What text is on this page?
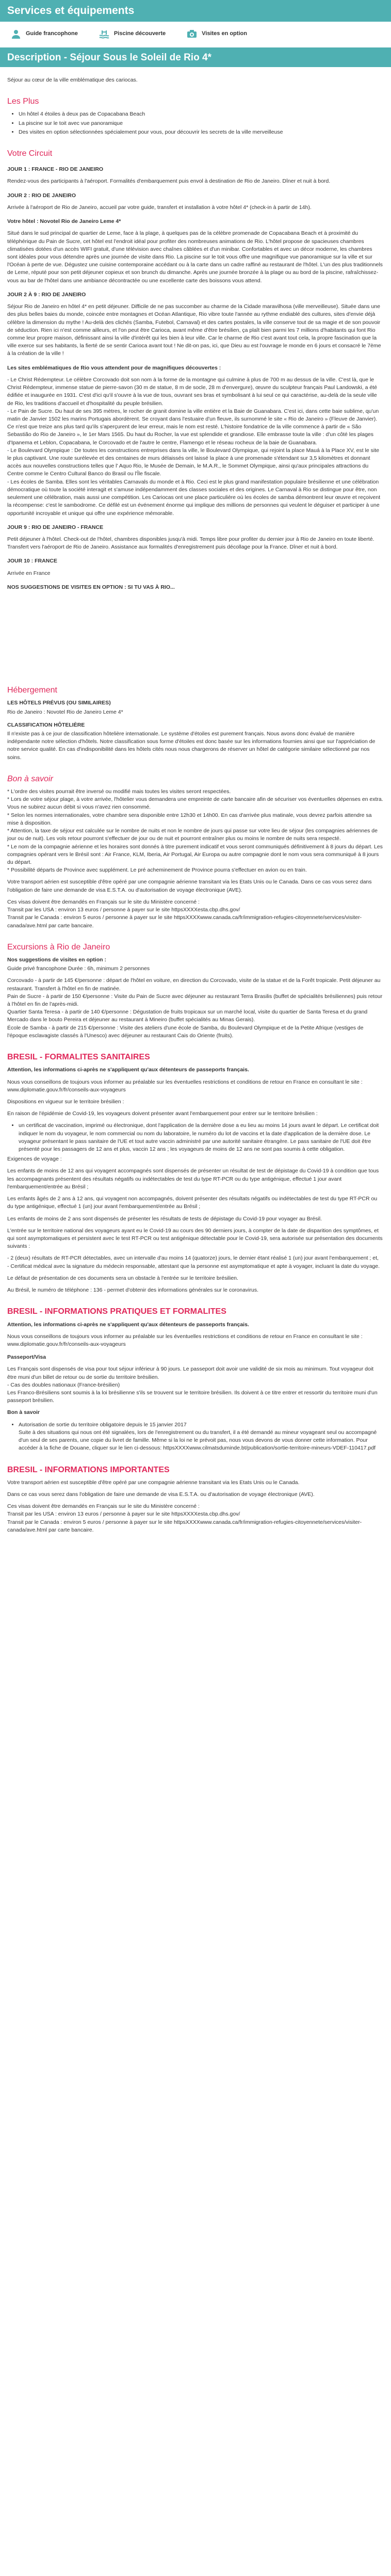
Services et équipements
Guide francophone	Piscine découverte	Visites en option
Description - Séjour Sous le Soleil de Rio 4*

Séjour au cœur de la ville emblématique des cariocas.

Les Plus
• Un hôtel 4 étoiles à deux pas de Copacabana Beach
• La piscine sur le toit avec vue panoramique
• Des visites en option sélectionnées spécialement pour vous, pour découvrir les secrets de la ville merveilleuse
Votre Circuit

JOUR 1 : FRANCE - RIO DE JANEIRO

Rendez-vous des participants à l'aéroport. Formalités d'embarquement puis envol à destination de Rio de Janeiro. Dîner et nuit à bord.

JOUR 2 : RIO DE JANEIRO

Arrivée à l'aéroport de Rio de Janeiro, accueil par votre guide, transfert et installation à votre hôtel 4* (check-in à partir de 14h).

Votre hôtel : Novotel Rio de Janeiro Leme 4*

Situé dans le sud principal de quartier de Leme, face à la plage, à quelques pas de la célèbre promenade de Copacabana Beach et à proximité du téléphérique du Pain de Sucre, cet hôtel est l'endroit idéal pour profiter des nombreuses animations de Rio. L'hôtel propose de spacieuses chambres climatisées dotées d'un accès WIFI gratuit, d'une télévision avec chaînes câblées et d'un minibar. Confortables et avec un décor moderne, les chambres sont idéales pour vous détendre après une journée de visite dans Rio. La piscine sur le toit vous offre une magnifique vue panoramique sur la ville et sur l'Océan à perte de vue. Dégustez une cuisine contemporaine accédant ou à la carte dans un cadre raffiné au restaurant de l'hôtel. L'un des plus traditionnels de Leme, réputé pour son petit déjeuner copieux et son brunch du dimanche. Après une journée bronzée à la plage ou au bord de la piscine, rafraîchissez-vous au bar de l'hôtel dans une ambiance décontractée ou une excellente carte des boissons vous attend.

JOUR 2 À 9 : RIO DE JANEIRO

Séjour Rio de Janeiro en hôtel 4* en petit déjeuner. Difficile de ne pas succomber au charme de la Cidade maravilhosa (ville merveilleuse). Située dans une des plus belles baies du monde, coincée entre montagnes et Océan Atlantique, Rio vibre toute l'année au rythme endiablé des cultures, sites d'envie déjà célèbre la dimension du mythe ! Au-delà des clichés (Samba, Futebol, Carnaval) et des cartes postales, la ville conserve tout de sa magie et de son pouvoir de séduction. Rien ici n'est comme ailleurs, et l'on peut être Carioca, avant même d'être brésilien, ça plaît bien parmi les 7 millions d'habitants qui font Rio comme leur propre maison, définissant ainsi la ville d'intérêt qui les bien à leur ville. Car le charme de Rio c'est avant tout cela, la propre fascination que la ville exerce sur ses habitants, la fierté de se sentir Carioca avant tout ! Ne dit-on pas, ici, que Dieu au est l'ouvrage le monde en 6 jours et consacré le 7ème à la création de la ville !

Les sites emblématiques de Rio vous attendent pour de magnifiques découvertes :

- Le Christ Rédempteur. Le célèbre Corcovado doit son nom à la forme de la montagne qui culmine à plus de 700 m au dessus de la ville. C'est là, que le Christ Rédempteur, immense statue de pierre-savon (30 m de statue, 8 m de socle, 28 m d'envergure), œuvre du sculpteur français Paul Landowski, a été édifiée et inaugurée en 1931. C'est d'ici qu'il s'ouvre à la vue de tous, ouvrant ses bras et symbolisant à lui seul ce qui caractérise, au-delà de la seule ville de Rio, les traditions d'accueil et d'hospitalité du peuple brésilien.
- Le Pain de Sucre. Du haut de ses 395 mètres, le rocher de granit domine la ville entière et la Baie de Guanabara. C'est ici, dans cette baie sublime, qu'un matin de Janvier 1502 les marins Portugais abordèrent. Se croyant dans l'estuaire d'un fleuve, ils surnommé le site « Rio de Janeiro » (Fleuve de Janvier). Ce n'est que treize ans plus tard qu'ils s'aperçurent de leur erreur, mais le nom est resté. L'histoire fondatrice de la ville commence à partir de « São Sebastião do Rio de Janeiro », le 1er Mars 1565. Du haut du Rocher, la vue est splendide et grandiose. Elle embrasse toute la ville : d'un côté les plages d'Ipanema et Leblon, Copacabana, le Corcovado et de l'autre le centre, Flamengo et le réseau rocheux de la baie de Guanabara.
- Le Boulevard Olympique : De toutes les constructions entreprises dans la ville, le Boulevard Olympique, qui rejoint la place Mauá à la Place XV, est le site le plus captivant. Une route surélevée et des centaines de murs délaissés ont laissé la place à une promenade s'étendant sur 3,5 kilomètres et donnant accès aux nouvelles constructions telles que l' Aquo Rio, le Musée de Demain, le M.A.R., le Sommet Olympique, ainsi qu'aux principales attractions du Centre comme le Centro Cultural Banco do Brasil ou l'Île fiscale.
- Les écoles de Samba. Elles sont les véritables Carnavals du monde et à Rio. Ceci est le plus grand manifestation populaire brésilienne et une célébration démocratique où toute la société interagit et s'amuse indépendamment des classes sociales et des origines. Le Carnaval à Rio se distingue pour être, non seulement une célébration, mais aussi une compétition. Les Cariocas ont une place particulière où les écoles de samba démontrent leur œuvre et reçoivent la récompense: c'est le sambodrome. Ce défilé est un événement énorme qui implique des millions de personnes qui veulent le déguiser et participer à une opportunité incroyable et unique qui offre une expérience mémorable.

JOUR 9 : RIO DE JANEIRO - FRANCE

Petit déjeuner à l'hôtel. Check-out de l'hôtel, chambres disponibles jusqu'à midi. Temps libre pour profiter du dernier jour à Rio de Janeiro en toute liberté. Transfert vers l'aéroport de Rio de Janeiro. Assistance aux formalités d'enregistrement puis décollage pour la France. Dîner et nuit à bord.

JOUR 10 : FRANCE

Arrivée en France

NOS SUGGESTIONS DE VISITES EN OPTION : SI TU VAS À RIO...

Hébergement

LES HÔTELS PRÉVUS (OU SIMILAIRES)

Rio de Janeiro : Novotel Rio de Janeiro Leme 4*

CLASSIFICATION HÔTELIÈRE

Il n'existe pas à ce jour de classification hôtelière internationale. Le système d'étoiles est purement français. Nous avons donc évalué de manière indépendante notre sélection d'hôtels. Notre classification sous forme d'étoiles est donc basée sur les informations fournies ainsi que sur l'appréciation de notre service qualité. En cas d'indisponibilité dans les hôtels cités nous nous chargerons de réserver un hôtel de catégorie similaire sélectionné par nos soins.

Bon à savoir

* L'ordre des visites pourrait être inversé ou modifié mais toutes les visites seront respectées.
* Lors de votre séjour plage, à votre arrivée, l'hôtelier vous demandera une empreinte de carte bancaire afin de sécuriser vos éventuelles dépenses en extra. Vous ne subirez aucun débit si vous n'avez rien consommé.
* Selon les normes internationales, votre chambre sera disponible entre 12h30 et 14h00. En cas d'arrivée plus matinale, vous devrez parfois attendre sa mise à disposition.
* Attention, la taxe de séjour est calculée sur le nombre de nuits et non le nombre de jours qui passe sur votre lieu de séjour (les compagnies aériennes de jour ou de nuit). Les vols retour pourront s'effectuer de jour ou de nuit et pourront entraîner plus ou moins le nombre de nuits sera respecté.
* Le nom de la compagnie aérienne et les horaires sont donnés à titre purement indicatif et vous seront communiqués définitivement à 8 jours du départ. Les compagnies opérant vers le Brésil sont : Air France, KLM, Iberia, Air Portugal, Air Europa ou autre compagnie dont le nom vous sera communiqué à 8 jours du départ.
* Possibilité départs de Province avec supplément. Le pré acheminement de Province pourra s'effectuer en avion ou en train.

Votre transport aérien est susceptible d'être opéré par une compagnie aérienne transitant via les Etats Unis ou le Canada. Dans ce cas vous serez dans l'obligation de faire une demande de visa E.S.T.A. ou d'autorisation de voyage électronique (AVE).

Ces visas doivent être demandés en Français sur le site du Ministère concerné :
Transit par les USA : environ 13 euros / personne à payer sur le site httpsXXXXesta.cbp.dhs.gov/
Transit par le Canada : environ 5 euros / personne à payer sur le site httpsXXXXwww.canada.ca/fr/immigration-refugies-citoyennete/services/visiter-canada/ave.html par carte bancaire.

Excursions à Rio de Janeiro

Nos suggestions de visites en option :

Guide privé francophone Durée : 6h, minimum 2 personnes

Corcovado - à partir de 145 €/personne : départ de l'hôtel en voiture, en direction du Corcovado, visite de la statue et de la Forêt tropicale. Petit déjeuner au restaurant. Transfert à l'hôtel en fin de matinée.
Pain de Sucre - à partir de 150 €/personne : Visite du Pain de Sucre avec déjeuner au restaurant Terra Brasilis (buffet de spécialités brésiliennes) puis retour à l'hôtel en fin de l'après-midi.
Quartier Santa Teresa - à partir de 140 €/personne : Dégustation de fruits tropicaux sur un marché local, visite du quartier de Santa Teresa et du grand Mercado dans le bouto Pereira et déjeuner au restaurant à Mineiro (buffet spécialités au Minas Gerais).
École de Samba - à partir de 215 €/personne : Visite des ateliers d'une école de Samba, du Boulevard Olympique et de la Petite Afrique (vestiges de l'époque esclavagiste classés à l'Unesco) avec déjeuner au restaurant Cais do Oriente (fruits).

BRESIL - FORMALITES SANITAIRES

Attention, les informations ci-après ne s'appliquent qu'aux détenteurs de passeports français.

Nous vous conseillons de toujours vous informer au préalable sur les éventuelles restrictions et conditions de retour en France en consultant le site : www.diplomatie.gouv.fr/fr/conseils-aux-voyageurs

Dispositions en vigueur sur le territoire brésilien :

En raison de l'épidémie de Covid-19, les voyageurs doivent présenter avant l'embarquement pour entrer sur le territoire brésilien :

• un certificat de vaccination, imprimé ou électronique, dont l'application de la dernière dose a eu lieu au moins 14 jours avant le départ. Le certificat doit indiquer le nom du voyageur, le nom commercial ou nom du laboratoire, le numéro du lot de vaccins et la date d'application de la dernière dose. Le voyageur présentant le pass sanitaire de l'UE et tout autre vaccin administré par une autorité sanitaire étrangère. Le pass sanitaire de l'UE doit être présenté pour les passagers de 12 ans et plus, vaccin 12 ans ; les voyageurs de moins de 12 ans ne sont pas soumis à cette obligation.

Exigences de voyage :

Les enfants de moins de 12 ans qui voyagent accompagnés sont dispensés de présenter un résultat de test de dépistage du Covid-19 à condition que tous les accompagnants présentent des résultats négatifs ou indétectables de test du type RT-PCR ou du type antigénique, effectué 1 jour avant l'embarquement/entrée au Brésil ;

Les enfants âgés de 2 ans à 12 ans, qui voyagent non accompagnés, doivent présenter des résultats négatifs ou indétectables de test du type RT-PCR ou du type antigénique, effectué 1 (un) jour avant l'embarquement/entrée au Brésil ;

Les enfants de moins de 2 ans sont dispensés de présenter les résultats de tests de dépistage du Covid-19 pour voyager au Brésil.

L'entrée sur le territoire national des voyageurs ayant eu le Covid-19 au cours des 90 derniers jours, à compter de la date de disparition des symptômes, et qui sont asymptomatiques et persistent avec le test RT-PCR ou test antigénique détectable pour le Covid-19, sera autorisée sur présentation des documents suivants :

- 2 (deux) résultats de RT-PCR détectables, avec un intervalle d'au moins 14 (quatorze) jours, le dernier étant réalisé 1 (un) jour avant l'embarquement ; et,
- Certificat médical avec la signature du médecin responsable, attestant que la personne est asymptomatique et apte à voyager, incluant la date du voyage.

Le défaut de présentation de ces documents sera un obstacle à l'entrée sur le territoire brésilien.

Au Brésil, le numéro de téléphone : 136 - permet d'obtenir des informations générales sur le coronavirus.

BRESIL - INFORMATIONS PRATIQUES ET FORMALITES

Attention, les informations ci-après ne s'appliquent qu'aux détenteurs de passeports français.

Nous vous conseillons de toujours vous informer au préalable sur les éventuelles restrictions et conditions de retour en France en consultant le site : www.diplomatie.gouv.fr/fr/conseils-aux-voyageurs

Passeport/Visa

Les Français sont dispensés de visa pour tout séjour inférieur à 90 jours. Le passeport doit avoir une validité de six mois au minimum. Tout voyageur doit être muni d'un billet de retour ou de sortie du territoire brésilien.
- Cas des doubles nationaux (France-brésilien)
Les Franco-Brésiliens sont soumis à la loi brésilienne s'ils se trouvent sur le territoire brésilien. Ils doivent à ce titre entrer et ressortir du territoire muni d'un passeport brésilien.

Bon à savoir

• Autorisation de sortie du territoire obligatoire depuis le 15 janvier 2017
Suite à des situations qui nous ont été signalées, lors de l'enregistrement ou du transfert, il a été demandé au mineur voyageant seul ou accompagné d'un seul de ses parents, une copie du livret de famille. Même si la loi ne le prévoit pas, nous vous devons de vous donner cette information. Pour accéder à la fiche de Douane, cliquer sur le lien ci-dessous: httpsXXXXwww.cilmatsduminde.bt/publication/sortie-territoire-mineurs-VDEF-110417.pdf
BRESIL - INFORMATIONS IMPORTANTES

Votre transport aérien est susceptible d'être opéré par une compagnie aérienne transitant via les Etats Unis ou le Canada.

Dans ce cas vous serez dans l'obligation de faire une demande de visa E.S.T.A. ou d'autorisation de voyage électronique (AVE).

Ces visas doivent être demandés en Français sur le site du Ministère concerné :
Transit par les USA : environ 13 euros / personne à payer sur le site httpsXXXXesta.cbp.dhs.gov/
Transit par le Canada : environ 5 euros / personne à payer sur le site httpsXXXXwww.canada.ca/fr/immigration-refugies-citoyennete/services/visiter-canada/ave.html par carte bancaire.
